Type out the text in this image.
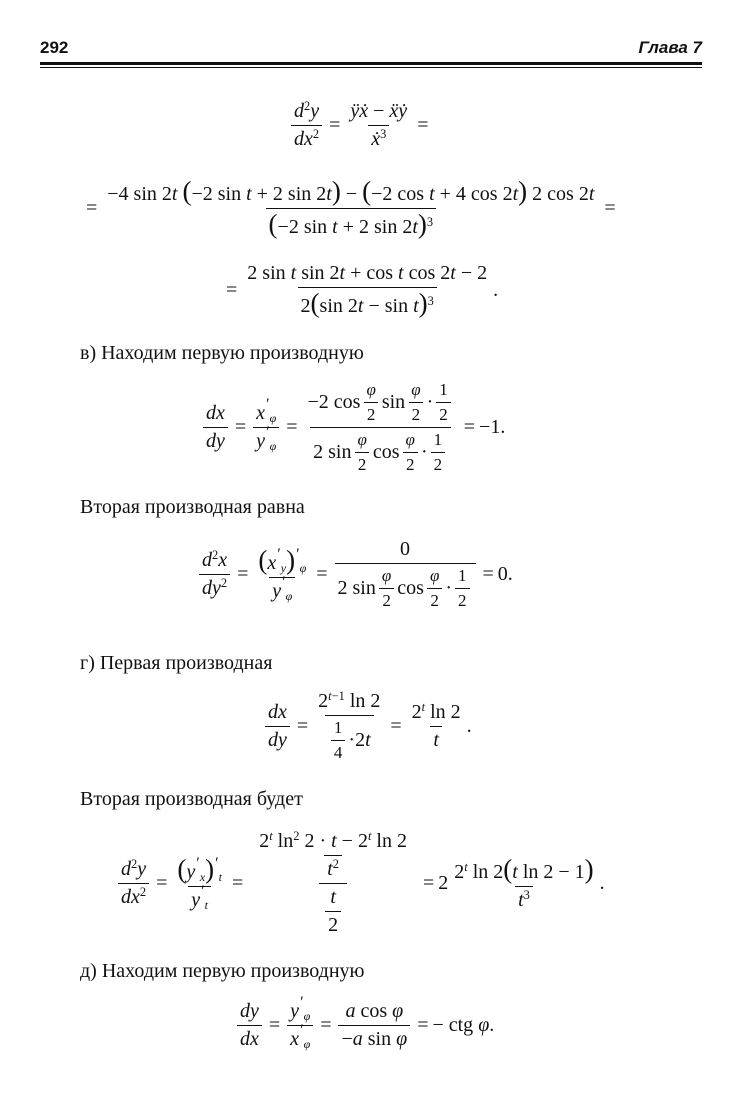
292	Глава 7
$\frac{d^2y}{dx^2} = \frac{\text{ÿẋ − ẍẏ}}{ẋ^3}$ =
=
−4 sin 2t (−2 sin t + 2 sin 2t) − (−2 cos t + 4 cos 2t) 2 cos 2t
(−2 sin t + 2 sin 2t)$^3$
=
= $\frac{\text{2 sin t sin 2t + cos t cos 2t − 2}}{2(\sin 2t - \sin t)^3}$ .
в) Находим первую производную
$\frac{dx}{dy} = \frac{x'_\varphi}{y'_\varphi} = \frac{-2 \cos \frac{\varphi}{2} \sin \frac{\varphi}{2} \cdot \frac{1}{2}}{2 \sin \frac{\varphi}{2} \cos \frac{\varphi}{2} \cdot \frac{1}{2}} = -1$.
Вторая производная равна
$\frac{d^2x}{dy^2} = \frac{(x'_y)'_\varphi}{y'_\varphi} = \frac{0}{2 \sin \frac{\varphi}{2} \cos \frac{\varphi}{2} \cdot \frac{1}{2}} = 0$.
г) Первая производная
$\frac{dx}{dy} = \frac{2^{t-1} \ln 2}{\frac{1}{4} \cdot 2 t} = \frac{2^t \ln 2}{t}$ .
Вторая производная будет
$\frac{d^2y}{dx^2} = \frac{(y'_x)'_t}{y'_t} = \frac{\frac{2^t \ln^2 2 \cdot t - 2^t \ln 2}{t^2}}{\frac{t}{2}} = 2 \frac{2^t \ln 2(t \ln 2 - 1)}{t^3}$ .
д) Находим первую производную
$\frac{dy}{dx} = \frac{y'_\varphi}{x'_\varphi} = \frac{\text{a cos φ}}{\text{−a sin φ}}$ = − ctg φ.
